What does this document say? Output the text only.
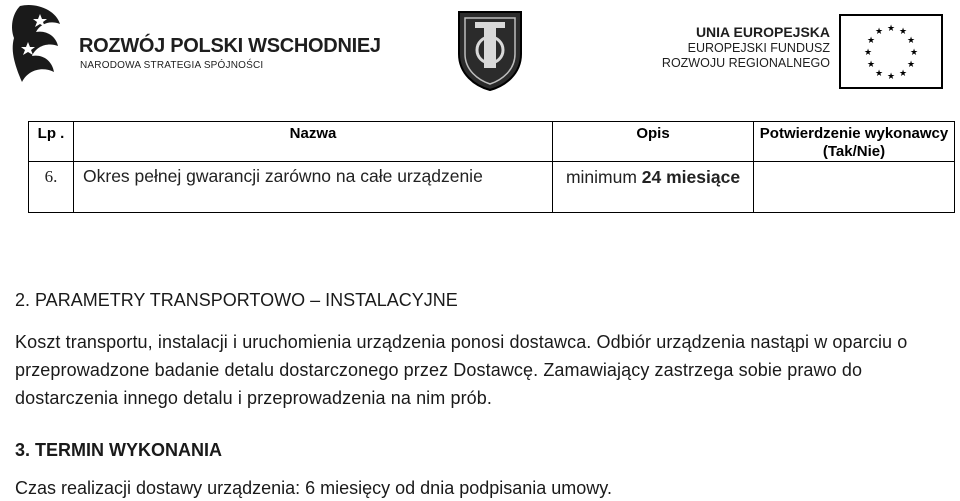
ROZWÓJ POLSKI WSCHODNIEJ
NARODOWA STRATEGIA SPÓJNOŚCI
UNIA EUROPEJSKA
EUROPEJSKI FUNDUSZ
ROZWOJU REGIONALNEGO
★ ★
★
★
★
★
★
★
★
★
★
★
Lp .	Nazwa	Opis	Potwierdzenie wykonawcy (Tak/Nie)

6.	Okres pełnej gwarancji zarówno na całe urządzenie	minimum 24 miesiące	

2. PARAMETRY TRANSPORTOWO – INSTALACYJNE
Koszt transportu, instalacji i uruchomienia urządzenia ponosi dostawca. Odbiór urządzenia nastąpi w oparciu o przeprowadzone badanie detalu dostarczonego przez Dostawcę. Zamawiający zastrzega sobie prawo do dostarczenia innego detalu i przeprowadzenia na nim prób.
3. TERMIN WYKONANIA
Czas realizacji dostawy urządzenia: 6 miesięcy od dnia podpisania umowy.
